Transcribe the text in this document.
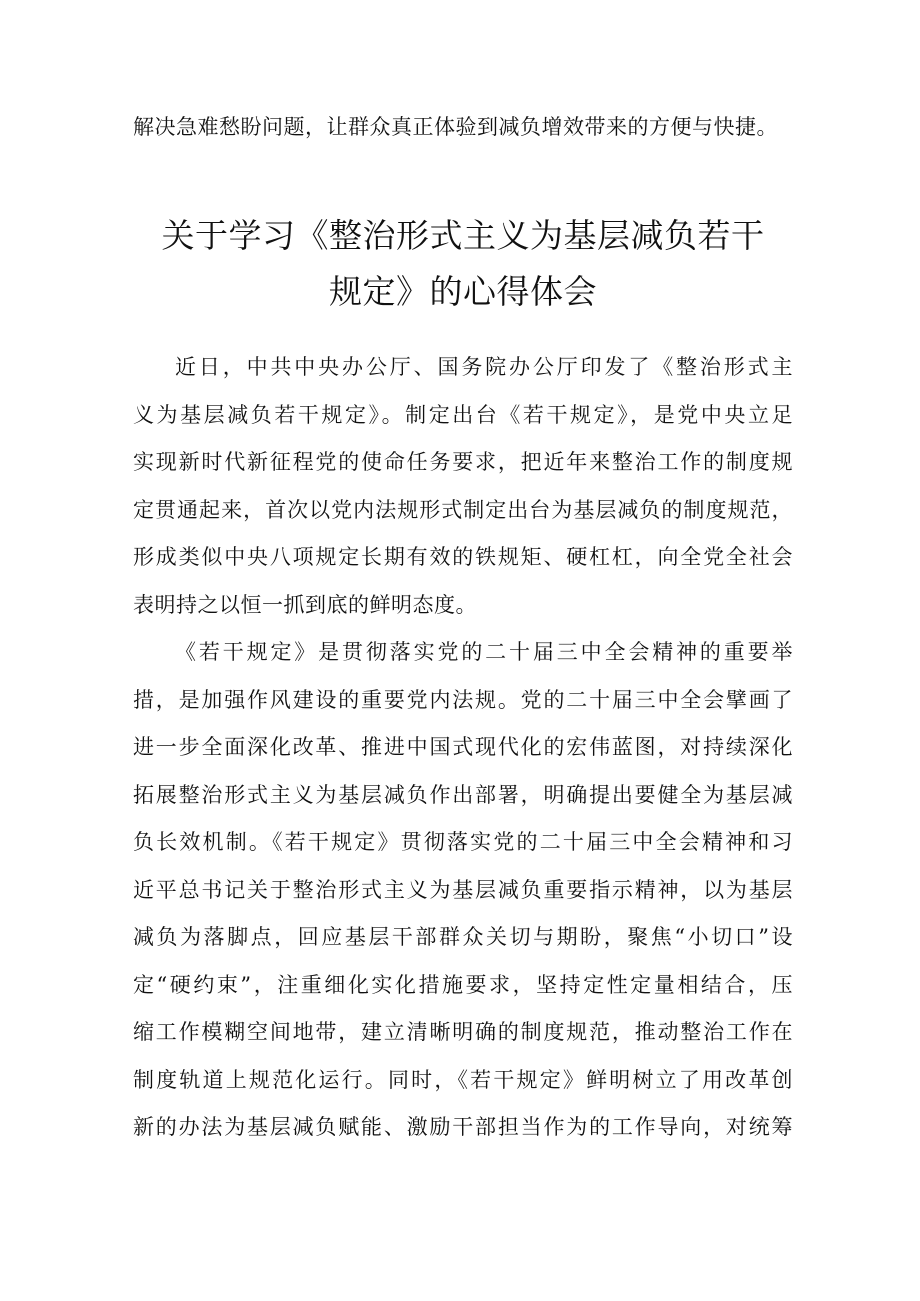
解决急难愁盼问题，让群众真正体验到减负增效带来的方便与快捷。
关于学习《整治形式主义为基层减负若干
规定》的心得体会
近日，中共中央办公厅、国务院办公厅印发了《整治形式主
义为基层减负若干规定》。制定出台《若干规定》，是党中央立足
实现新时代新征程党的使命任务要求，把近年来整治工作的制度规
定贯通起来，首次以党内法规形式制定出台为基层减负的制度规范，
形成类似中央八项规定长期有效的铁规矩、硬杠杠，向全党全社会
表明持之以恒一抓到底的鲜明态度。
《若干规定》是贯彻落实党的二十届三中全会精神的重要举
措，是加强作风建设的重要党内法规。党的二十届三中全会擘画了
进一步全面深化改革、推进中国式现代化的宏伟蓝图，对持续深化
拓展整治形式主义为基层减负作出部署，明确提出要健全为基层减
负长效机制。《若干规定》贯彻落实党的二十届三中全会精神和习
近平总书记关于整治形式主义为基层减负重要指示精神，以为基层
减负为落脚点，回应基层干部群众关切与期盼，聚焦“小切口”设
定“硬约束”，注重细化实化措施要求，坚持定性定量相结合，压
缩工作模糊空间地带，建立清晰明确的制度规范，推动整治工作在
制度轨道上规范化运行。同时，《若干规定》鲜明树立了用改革创
新的办法为基层减负赋能、激励干部担当作为的工作导向，对统筹
